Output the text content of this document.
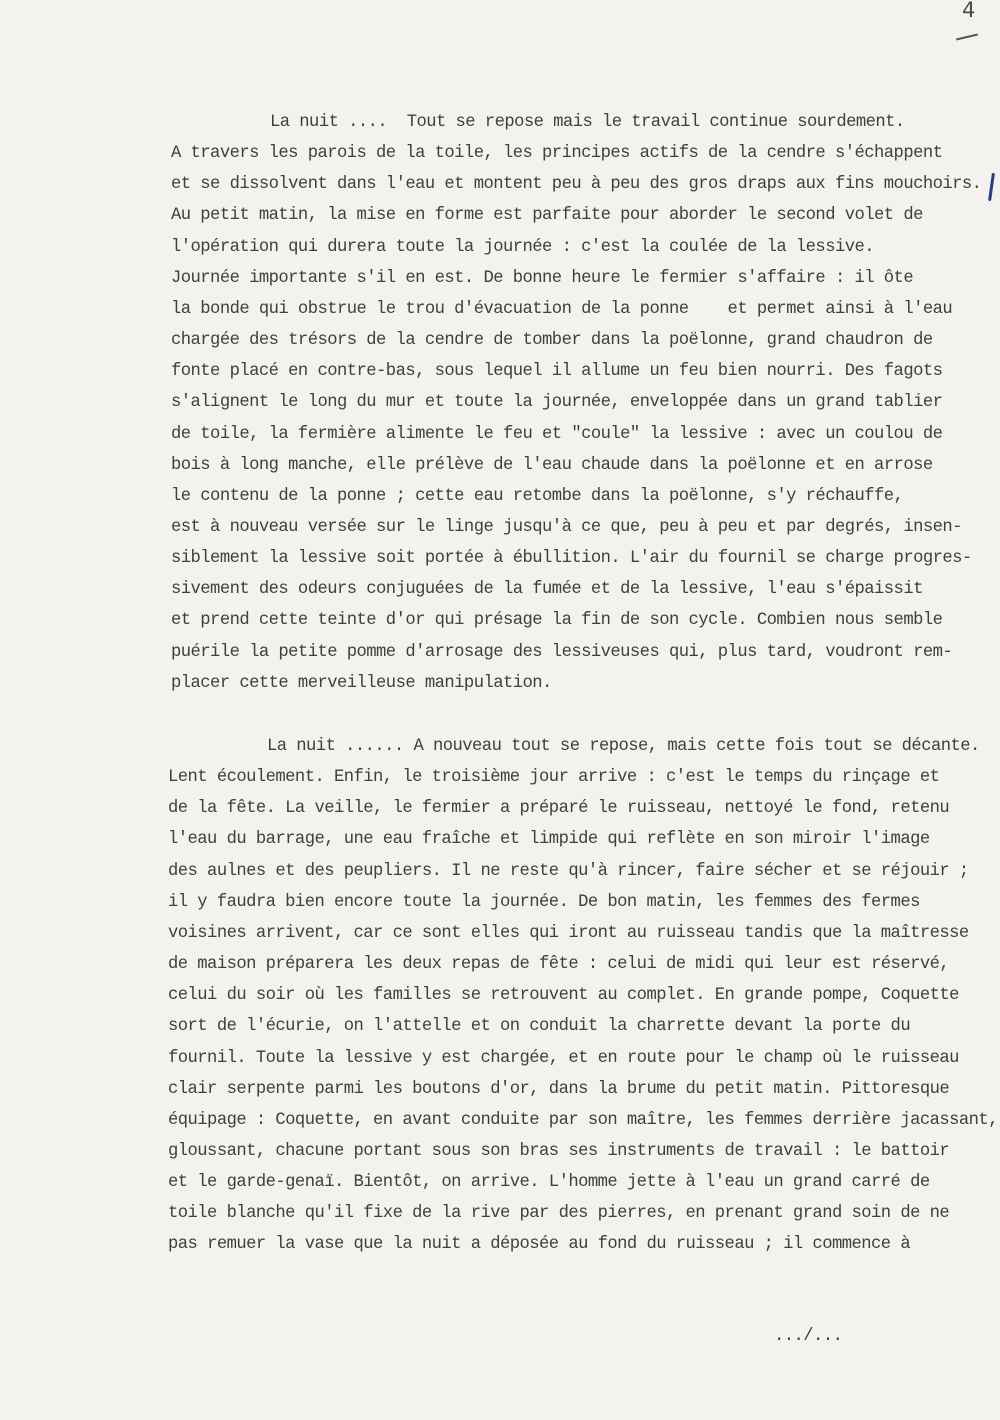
4
La nuit ....  Tout se repose mais le travail continue sourdement.
A travers les parois de la toile, les principes actifs de la cendre s'échappent
et se dissolvent dans l'eau et montent peu à peu des gros draps aux fins mouchoirs.
Au petit matin, la mise en forme est parfaite pour aborder le second volet de
l'opération qui durera toute la journée : c'est la coulée de la lessive.
Journée importante s'il en est. De bonne heure le fermier s'affaire : il ôte
la bonde qui obstrue le trou d'évacuation de la ponne    et permet ainsi à l'eau
chargée des trésors de la cendre de tomber dans la poëlonne, grand chaudron de
fonte placé en contre-bas, sous lequel il allume un feu bien nourri. Des fagots
s'alignent le long du mur et toute la journée, enveloppée dans un grand tablier
de toile, la fermière alimente le feu et "coule" la lessive : avec un coulou de
bois à long manche, elle prélève de l'eau chaude dans la poëlonne et en arrose
le contenu de la ponne ; cette eau retombe dans la poëlonne, s'y réchauffe,
est à nouveau versée sur le linge jusqu'à ce que, peu à peu et par degrés, insen-
siblement la lessive soit portée à ébullition. L'air du fournil se charge progres-
sivement des odeurs conjuguées de la fumée et de la lessive, l'eau s'épaissit
et prend cette teinte d'or qui présage la fin de son cycle. Combien nous semble
puérile la petite pomme d'arrosage des lessiveuses qui, plus tard, voudront rem-
placer cette merveilleuse manipulation.
La nuit ...... A nouveau tout se repose, mais cette fois tout se décante.
Lent écoulement. Enfin, le troisième jour arrive : c'est le temps du rinçage et
de la fête. La veille, le fermier a préparé le ruisseau, nettoyé le fond, retenu
l'eau du barrage, une eau fraîche et limpide qui reflète en son miroir l'image
des aulnes et des peupliers. Il ne reste qu'à rincer, faire sécher et se réjouir ;
il y faudra bien encore toute la journée. De bon matin, les femmes des fermes
voisines arrivent, car ce sont elles qui iront au ruisseau tandis que la maîtresse
de maison préparera les deux repas de fête : celui de midi qui leur est réservé,
celui du soir où les familles se retrouvent au complet. En grande pompe, Coquette
sort de l'écurie, on l'attelle et on conduit la charrette devant la porte du
fournil. Toute la lessive y est chargée, et en route pour le champ où le ruisseau
clair serpente parmi les boutons d'or, dans la brume du petit matin. Pittoresque
équipage : Coquette, en avant conduite par son maître, les femmes derrière jacassant,
gloussant, chacune portant sous son bras ses instruments de travail : le battoir
et le garde-genaï. Bientôt, on arrive. L'homme jette à l'eau un grand carré de
toile blanche qu'il fixe de la rive par des pierres, en prenant grand soin de ne
pas remuer la vase que la nuit a déposée au fond du ruisseau ; il commence à
.../...
